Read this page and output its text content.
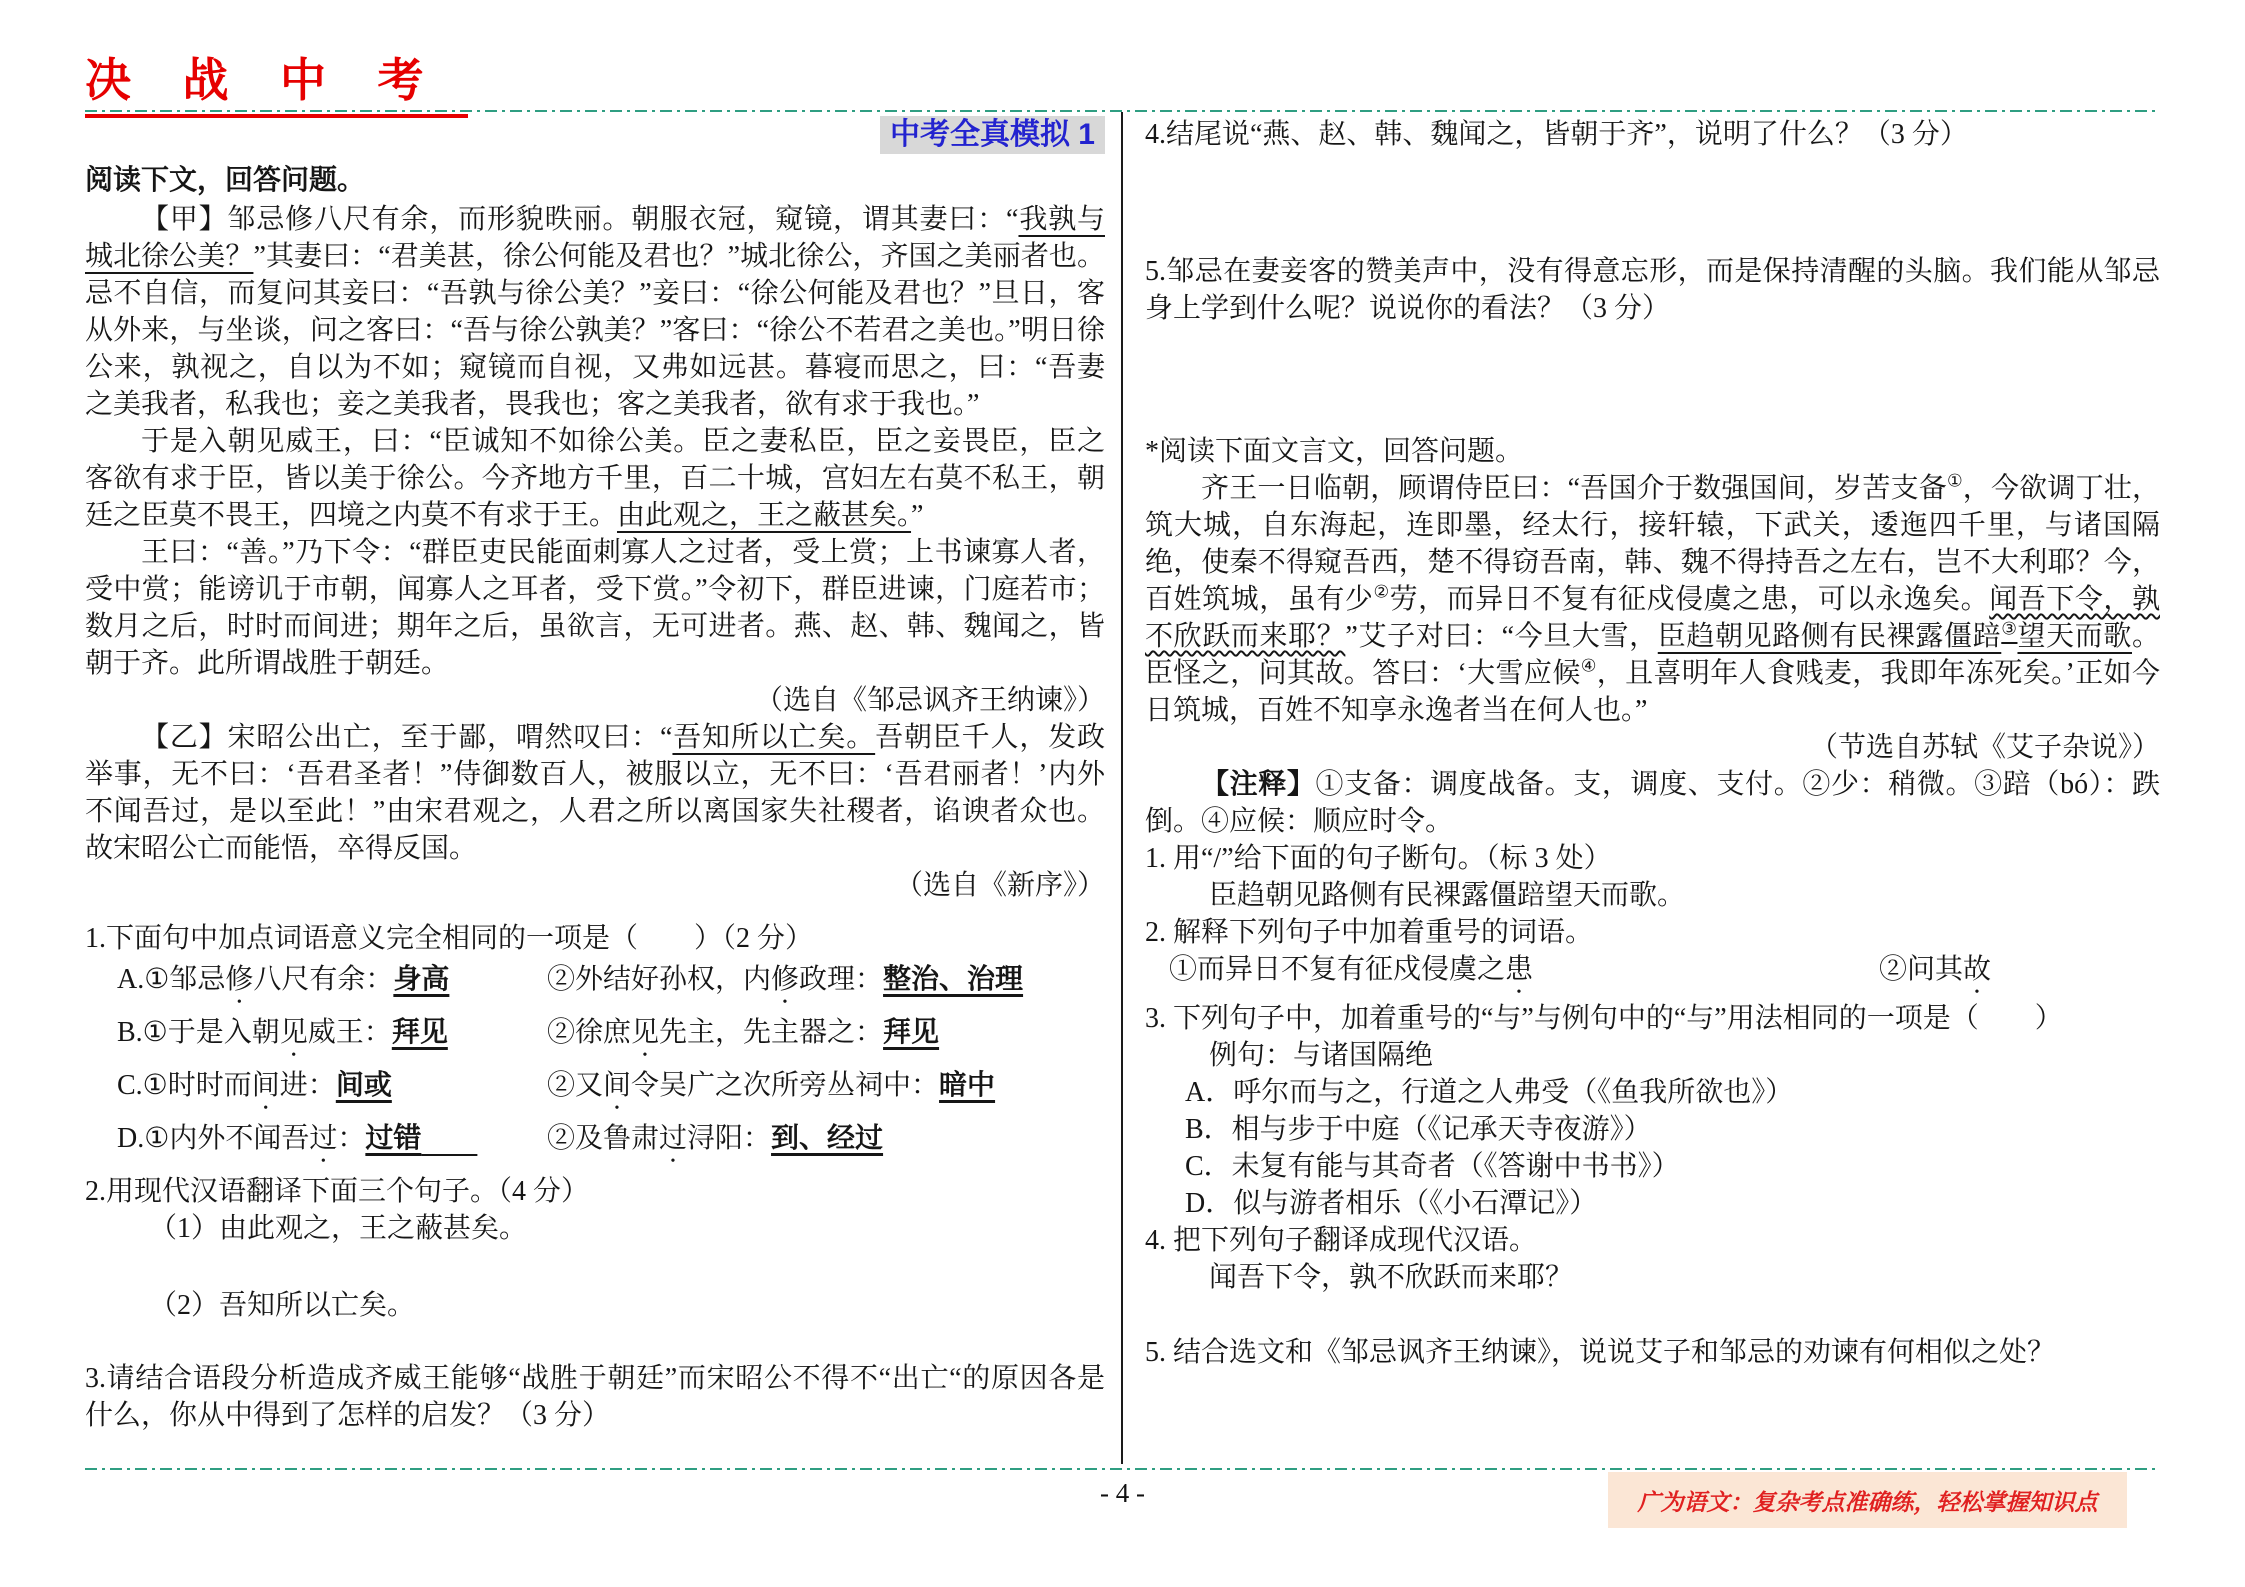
决 战 中 考
中考全真模拟 1

阅读下文，回答问题。

【甲】邹忌修八尺有余，而形貌昳丽。朝服衣冠，窥镜，谓其妻曰：“我孰与城北徐公美？”其妻曰：“君美甚，徐公何能及君也？”城北徐公，齐国之美丽者也。忌不自信，而复问其妾曰：“吾孰与徐公美？”妾曰：“徐公何能及君也？”旦日，客从外来，与坐谈，问之客曰：“吾与徐公孰美？”客曰：“徐公不若君之美也。”明日徐公来，孰视之，自以为不如；窥镜而自视，又弗如远甚。暮寝而思之，曰：“吾妻之美我者，私我也；妾之美我者，畏我也；客之美我者，欲有求于我也。”

于是入朝见威王，曰：“臣诚知不如徐公美。臣之妻私臣，臣之妾畏臣，臣之客欲有求于臣，皆以美于徐公。今齐地方千里，百二十城，宫妇左右莫不私王，朝廷之臣莫不畏王，四境之内莫不有求于王。由此观之，王之蔽甚矣。”

王曰：“善。”乃下令：“群臣吏民能面刺寡人之过者，受上赏；上书谏寡人者，受中赏；能谤讥于市朝，闻寡人之耳者，受下赏。”令初下，群臣进谏，门庭若市；数月之后，时时而间进；期年之后，虽欲言，无可进者。燕、赵、韩、魏闻之，皆朝于齐。此所谓战胜于朝廷。

（选自《邹忌讽齐王纳谏》）

【乙】宋昭公出亡，至于鄙，喟然叹曰：“吾知所以亡矣。吾朝臣千人，发政举事，无不曰：‘吾君圣者！”侍御数百人，被服以立，无不曰：‘吾君丽者！’内外不闻吾过，是以至此！”由宋君观之，人君之所以离国家失社稷者，谄谀者众也。故宋昭公亡而能悟，卒得反国。

（选自《新序》）

1.下面句中加点词语意义完全相同的一项是（　　）（2 分）

A.①邹忌修八尺有余：身高	②外结好孙权，内修政理：整治、治理
B.①于是入朝见威王：拜见	②徐庶见先主，先主器之：拜见
C.①时时而间进：间或	②又间令吴广之次所旁丛祠中：暗中
D.①内外不闻吾过：过错　　	②及鲁肃过浔阳：到、经过

2.用现代汉语翻译下面三个句子。（4 分）

（1）由此观之，王之蔽甚矣。

（2）吾知所以亡矣。

3.请结合语段分析造成齐威王能够“战胜于朝廷”而宋昭公不得不“出亡“的原因各是什么，你从中得到了怎样的启发？（3 分）

4.结尾说“燕、赵、韩、魏闻之，皆朝于齐”，说明了什么？（3 分）

5.邹忌在妻妾客的赞美声中，没有得意忘形，而是保持清醒的头脑。我们能从邹忌身上学到什么呢？说说你的看法？（3 分）

*阅读下面文言文，回答问题。

齐王一日临朝，顾谓侍臣曰：“吾国介于数强国间，岁苦支备①，今欲调丁壮，筑大城，自东海起，连即墨，经太行，接轩辕，下武关，逶迤四千里，与诸国隔绝，使秦不得窥吾西，楚不得窃吾南，韩、魏不得持吾之左右，岂不大利耶？今，百姓筑城，虽有少②劳，而异日不复有征戍侵虞之患，可以永逸矣。闻吾下令，孰不欣跃而来耶？”艾子对曰：“今旦大雪，臣趋朝见路侧有民裸露僵踣③望天而歌。臣怪之，问其故。答曰：‘大雪应候④，且喜明年人食贱麦，我即年冻死矣。’正如今日筑城，百姓不知享永逸者当在何人也。”

（节选自苏轼《艾子杂说》）

【注释】①支备：调度战备。支，调度、支付。②少：稍微。③踣（bó）：跌倒。④应候：顺应时令。

1. 用“/”给下面的句子断句。（标 3 处）

臣趋朝见路侧有民裸露僵踣望天而歌。

2. 解释下列句子中加着重号的词语。

①而异日不复有征戍侵虞之患	②问其故

3. 下列句子中，加着重号的“与”与例句中的“与”用法相同的一项是（　　）

例句：与诸国隔绝

A．呼尔而与之，行道之人弗受（《鱼我所欲也》）

B．相与步于中庭（《记承天寺夜游》）

C．未复有能与其奇者（《答谢中书书》）

D．似与游者相乐（《小石潭记》）

4. 把下列句子翻译成现代汉语。

闻吾下令，孰不欣跃而来耶？

5. 结合选文和《邹忌讽齐王纳谏》，说说艾子和邹忌的劝谏有何相似之处？

- 4 -	广为语文：复杂考点准确练，轻松掌握知识点
